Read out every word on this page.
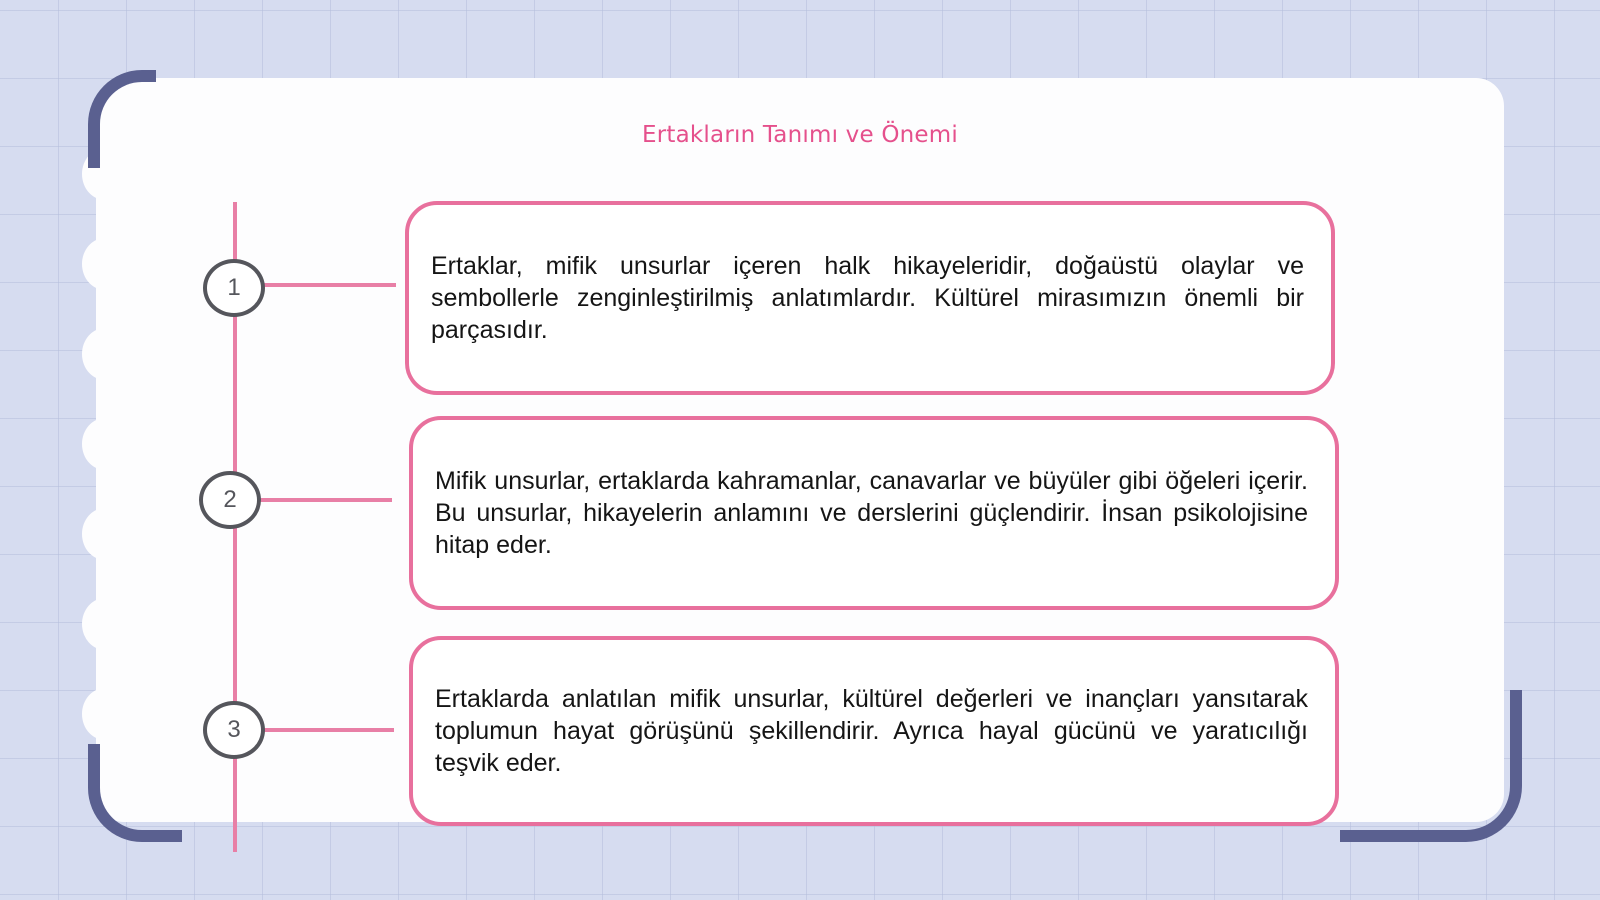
Ertakların Tanımı ve Önemi
1
2
3
Ertaklar, mifik unsurlar içeren halk hikayeleridir, doğaüstü olaylar ve sembollerle zenginleştirilmiş anlatımlardır. Kültürel mirasımızın önemli bir parçasıdır.
Mifik unsurlar, ertaklarda kahramanlar, canavarlar ve büyüler gibi öğeleri içerir. Bu unsurlar, hikayelerin anlamını ve derslerini güçlendirir. İnsan psikolojisine hitap eder.
Ertaklarda anlatılan mifik unsurlar, kültürel değerleri ve inançları yansıtarak toplumun hayat görüşünü şekillendirir. Ayrıca hayal gücünü ve yaratıcılığı teşvik eder.
